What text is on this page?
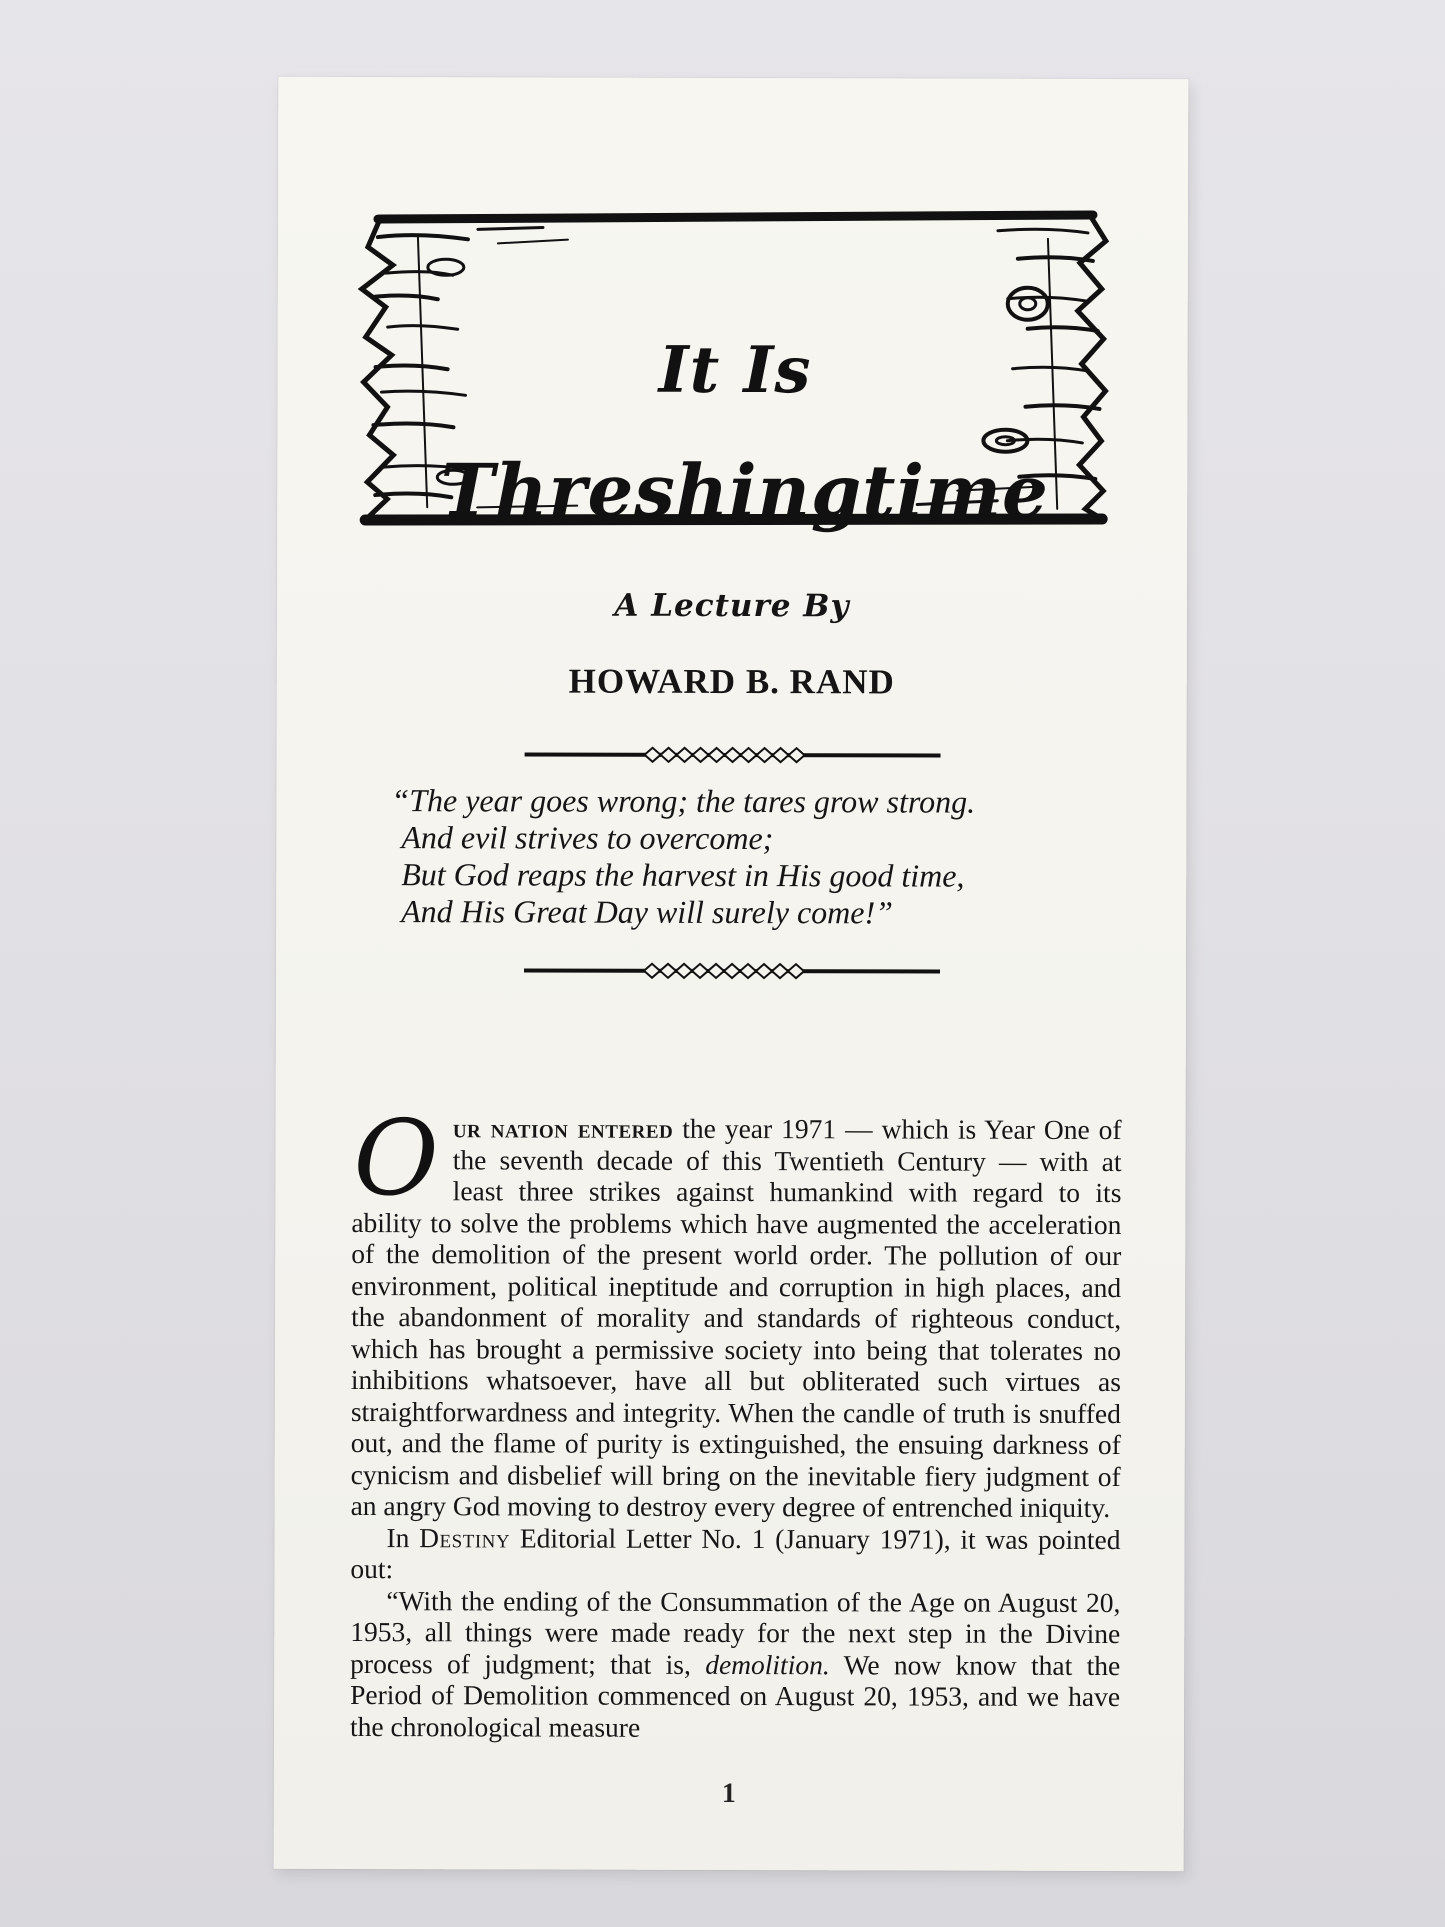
It Is
Threshingtime
A Lecture By
HOWARD B. RAND
“The year goes wrong; the tares grow strong.
And evil strives to overcome;
But God reaps the harvest in His good time,
And His Great Day will surely come!”

Our nation entered the year 1971 — which is Year One of the seventh decade of this Twentieth Century — with at least three strikes against humankind with regard to its ability to solve the problems which have augmented the acceleration of the demolition of the present world order. The pollution of our environment, political ineptitude and corruption in high places, and the abandonment of morality and standards of righteous conduct, which has brought a permissive society into being that tolerates no inhibitions whatsoever, have all but obliterated such virtues as straightforwardness and integrity. When the candle of truth is snuffed out, and the flame of purity is extinguished, the ensuing darkness of cynicism and disbelief will bring on the inevitable fiery judgment of an angry God moving to destroy every degree of entrenched iniquity.

In Destiny Editorial Letter No. 1 (January 1971), it was pointed out:

“With the ending of the Consummation of the Age on August 20, 1953, all things were made ready for the next step in the Divine process of judgment; that is, demolition. We now know that the Period of Demolition commenced on August 20, 1953, and we have the chronological measure

1
